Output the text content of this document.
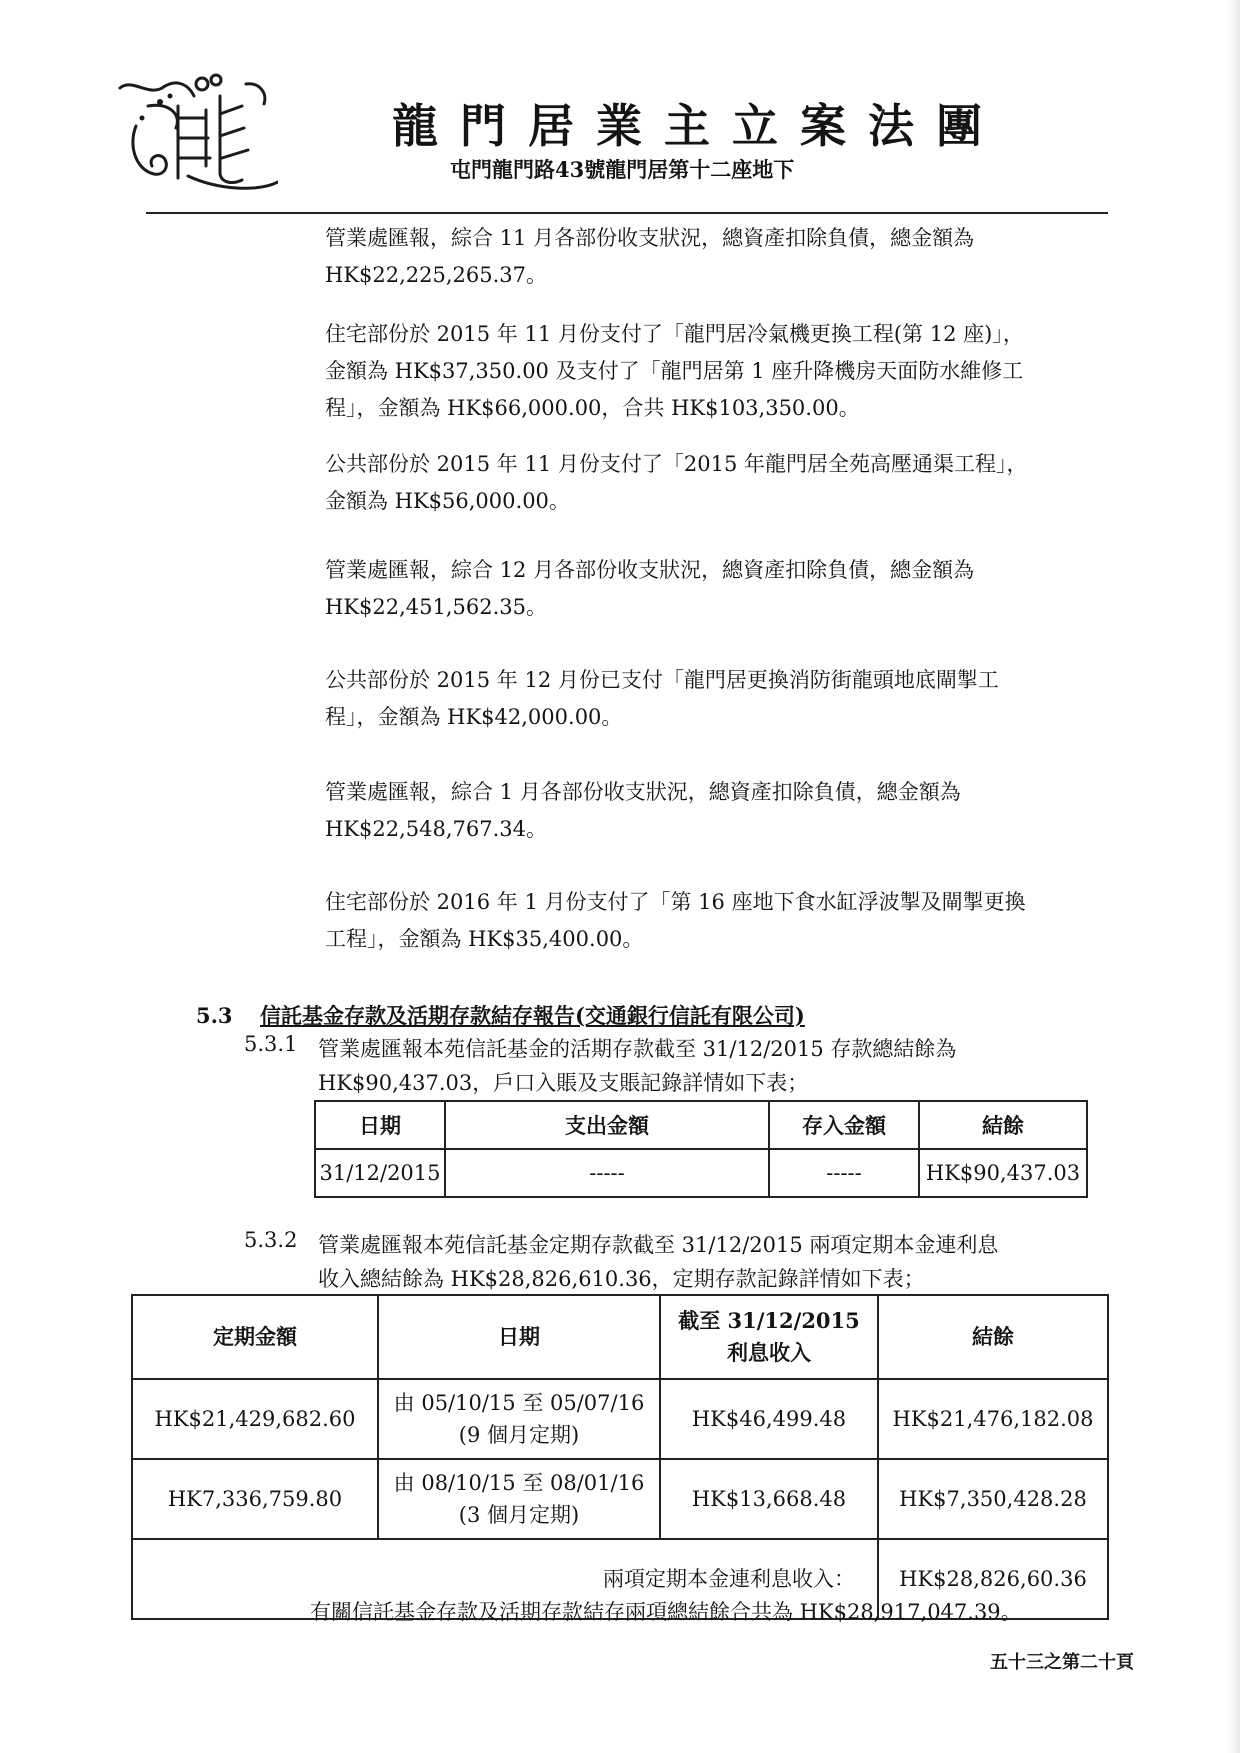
龍門居業主立案法團
屯門龍門路43號龍門居第十二座地下

管業處匯報，綜合 11 月各部份收支狀況，總資產扣除負債，總金額為
HK$22,225,265.37。

住宅部份於 2015 年 11 月份支付了「龍門居冷氣機更換工程(第 12 座)」，
金額為 HK$37,350.00 及支付了「龍門居第 1 座升降機房天面防水維修工
程」，金額為 HK$66,000.00，合共 HK$103,350.00。

公共部份於 2015 年 11 月份支付了「2015 年龍門居全苑高壓通渠工程」，
金額為 HK$56,000.00。

管業處匯報，綜合 12 月各部份收支狀況，總資產扣除負債，總金額為
HK$22,451,562.35。

公共部份於 2015 年 12 月份已支付「龍門居更換消防街龍頭地底閘掣工
程」，金額為 HK$42,000.00。

管業處匯報，綜合 1 月各部份收支狀況，總資產扣除負債，總金額為
HK$22,548,767.34。

住宅部份於 2016 年 1 月份支付了「第 16 座地下食水缸浮波掣及閘掣更換
工程」，金額為 HK$35,400.00。

5.3 信託基金存款及活期存款結存報告(交通銀行信託有限公司)
5.3.1 管業處匯報本苑信託基金的活期存款截至 31/12/2015 存款總結餘為
HK$90,437.03，戶口入賬及支賬記錄詳情如下表；

日期	支出金額	存入金額	結餘
31/12/2015	-----	-----	HK$90,437.03
5.3.2 管業處匯報本苑信託基金定期存款截至 31/12/2015 兩項定期本金連利息
收入總結餘為 HK$28,826,610.36，定期存款記錄詳情如下表；

定期金額	日期	截至 31/12/2015
利息收入	結餘
HK$21,429,682.60	由 05/10/15 至 05/07/16
(9 個月定期)	HK$46,499.48	HK$21,476,182.08
HK7,336,759.80	由 08/10/15 至 08/01/16
(3 個月定期)	HK$13,668.48	HK$7,350,428.28
兩項定期本金連利息收入：			HK$28,826,60.36
有關信託基金存款及活期存款結存兩項總結餘合共為 HK$28,917,047.39。
五十三之第二十頁
